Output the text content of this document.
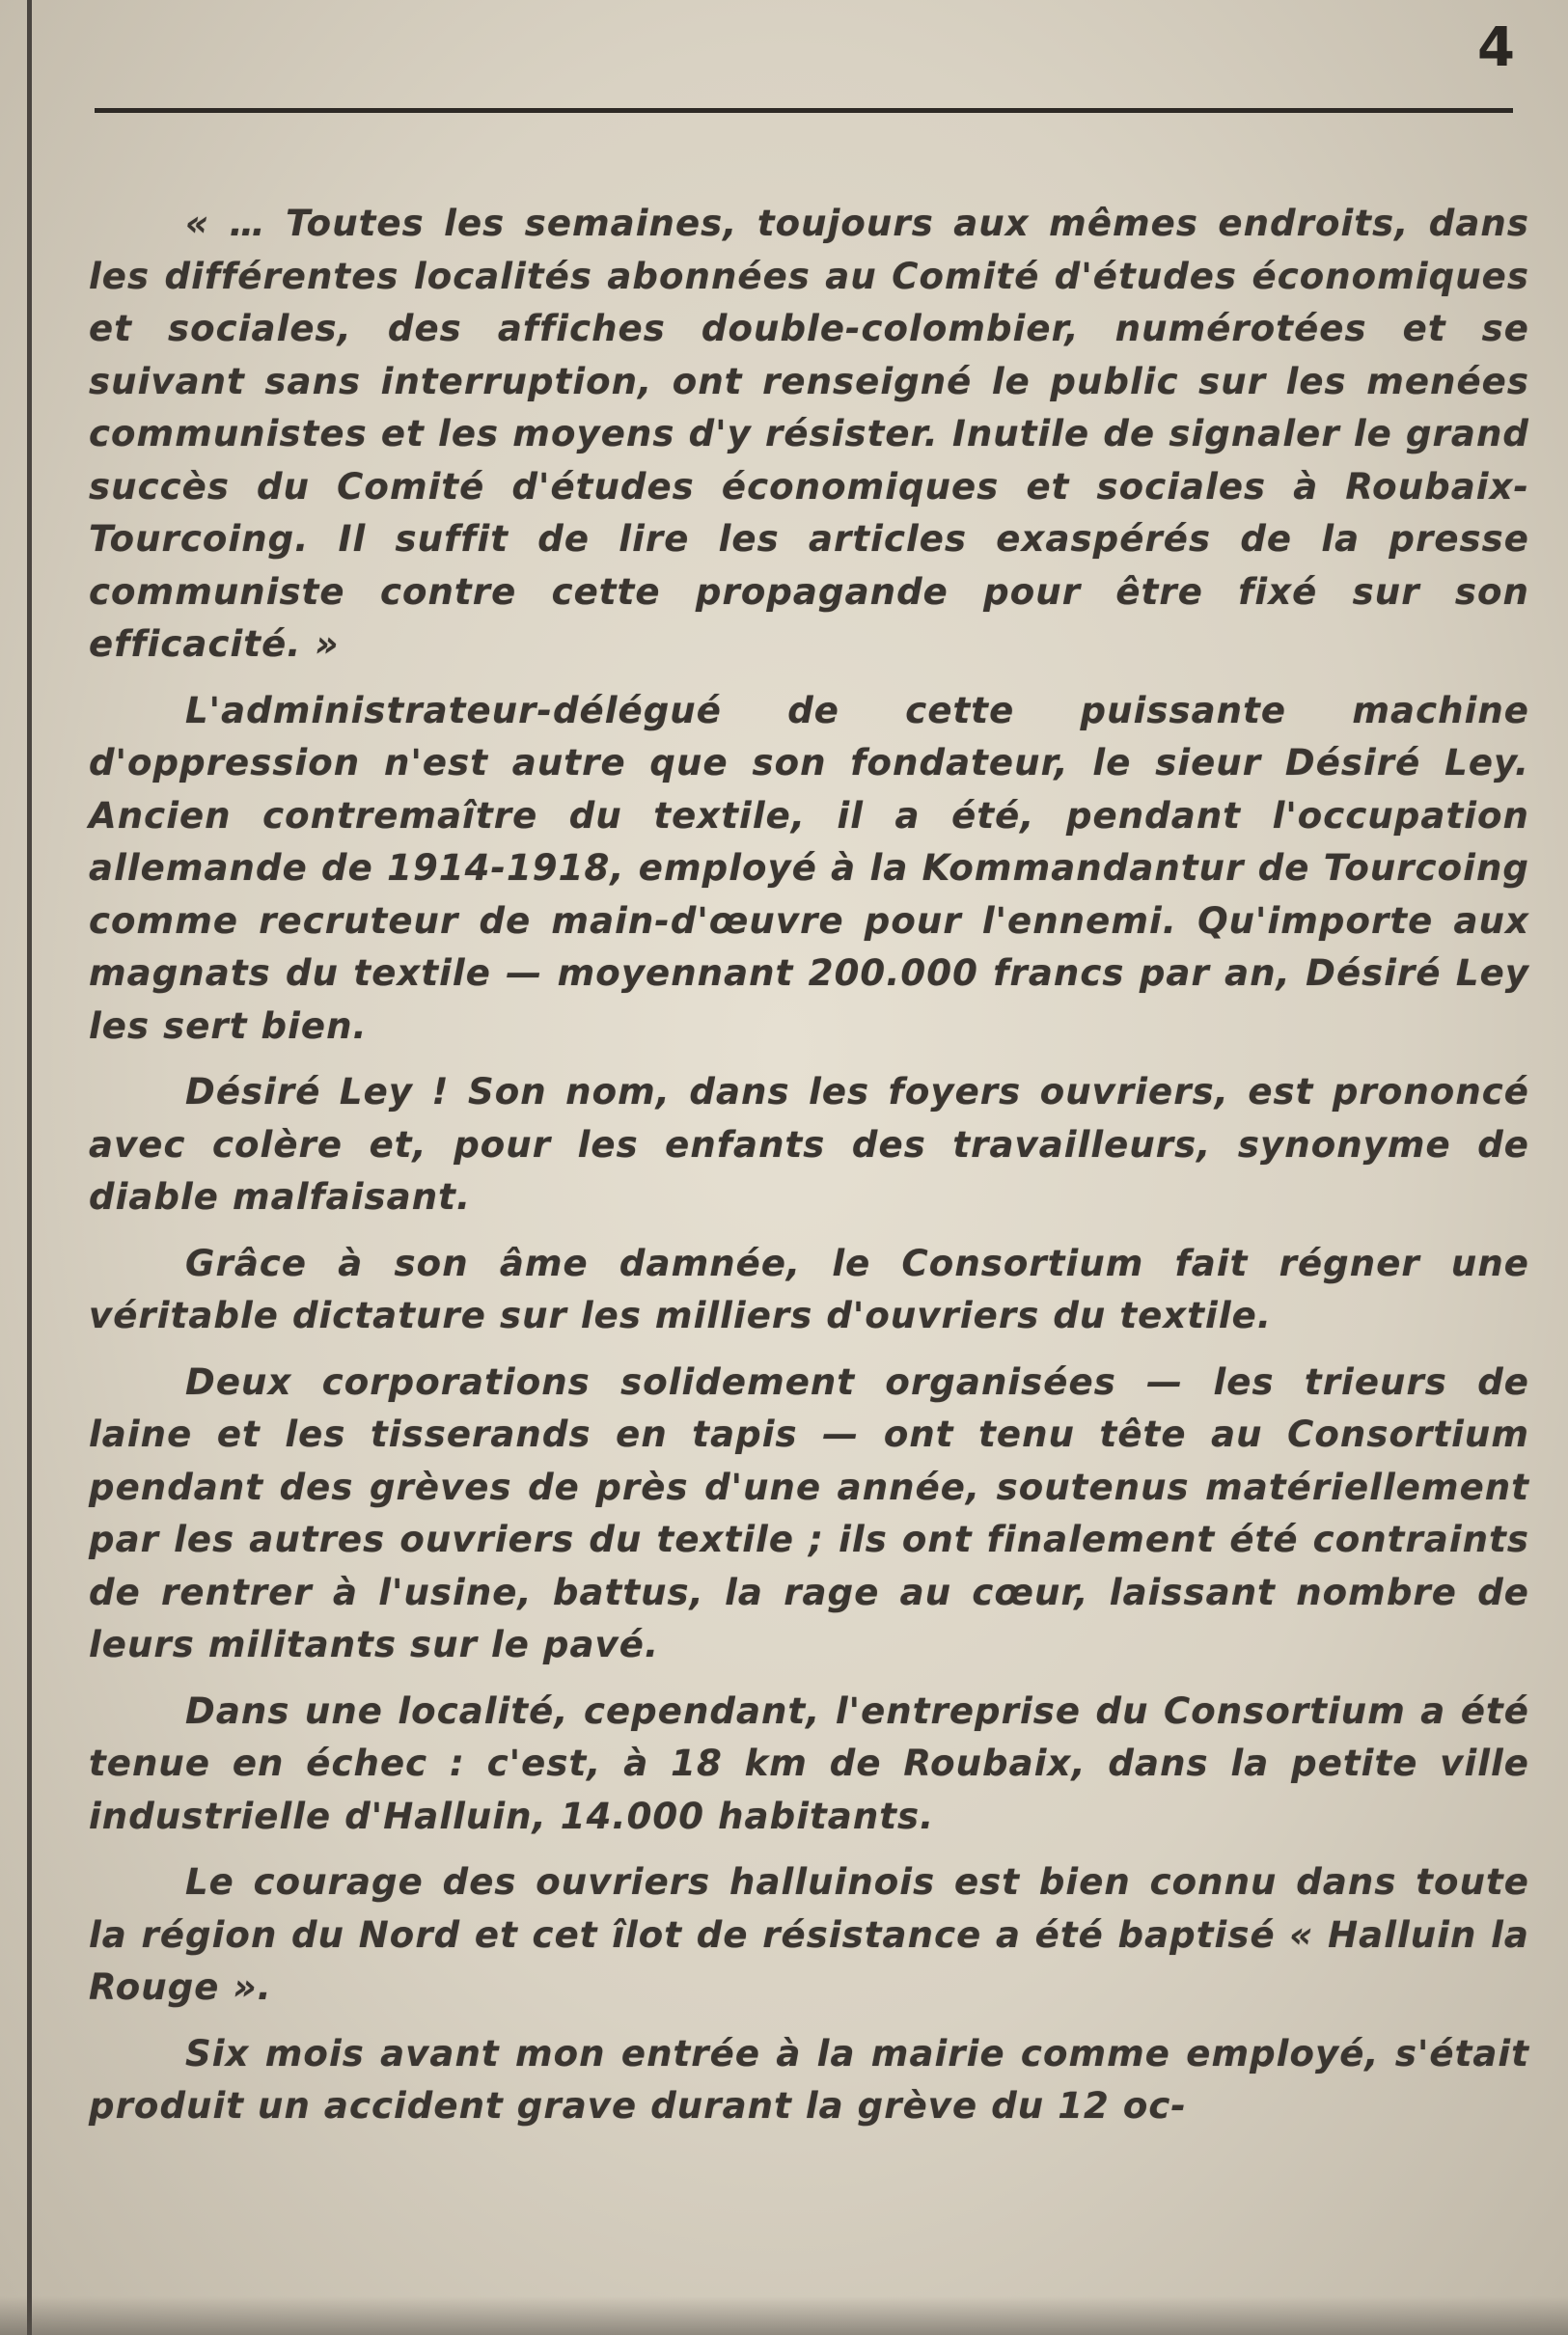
4

« … Toutes les semaines, toujours aux mêmes endroits, dans les différentes localités abonnées au Comité d'études économiques et sociales, des affiches double-colombier, numérotées et se suivant sans interruption, ont renseigné le public sur les menées communistes et les moyens d'y résister. Inutile de signaler le grand succès du Comité d'études économiques et sociales à Roubaix-Tourcoing. Il suffit de lire les articles exaspérés de la presse communiste contre cette propagande pour être fixé sur son efficacité. »

L'administrateur-délégué de cette puissante machine d'oppression n'est autre que son fondateur, le sieur Désiré Ley. Ancien contremaître du textile, il a été, pendant l'occupation allemande de 1914-1918, employé à la Kommandantur de Tourcoing comme recruteur de main-d'œuvre pour l'ennemi. Qu'importe aux magnats du textile — moyennant 200.000 francs par an, Désiré Ley les sert bien.

Désiré Ley ! Son nom, dans les foyers ouvriers, est prononcé avec colère et, pour les enfants des travailleurs, synonyme de diable malfaisant.

Grâce à son âme damnée, le Consortium fait régner une véritable dictature sur les milliers d'ouvriers du textile.

Deux corporations solidement organisées — les trieurs de laine et les tisserands en tapis — ont tenu tête au Consortium pendant des grèves de près d'une année, soutenus matériellement par les autres ouvriers du textile ; ils ont finalement été contraints de rentrer à l'usine, battus, la rage au cœur, laissant nombre de leurs militants sur le pavé.

Dans une localité, cependant, l'entreprise du Consortium a été tenue en échec : c'est, à 18 km de Roubaix, dans la petite ville industrielle d'Halluin, 14.000 habitants.

Le courage des ouvriers halluinois est bien connu dans toute la région du Nord et cet îlot de résistance a été baptisé « Halluin la Rouge ».

Six mois avant mon entrée à la mairie comme employé, s'était produit un accident grave durant la grève du 12 oc-
